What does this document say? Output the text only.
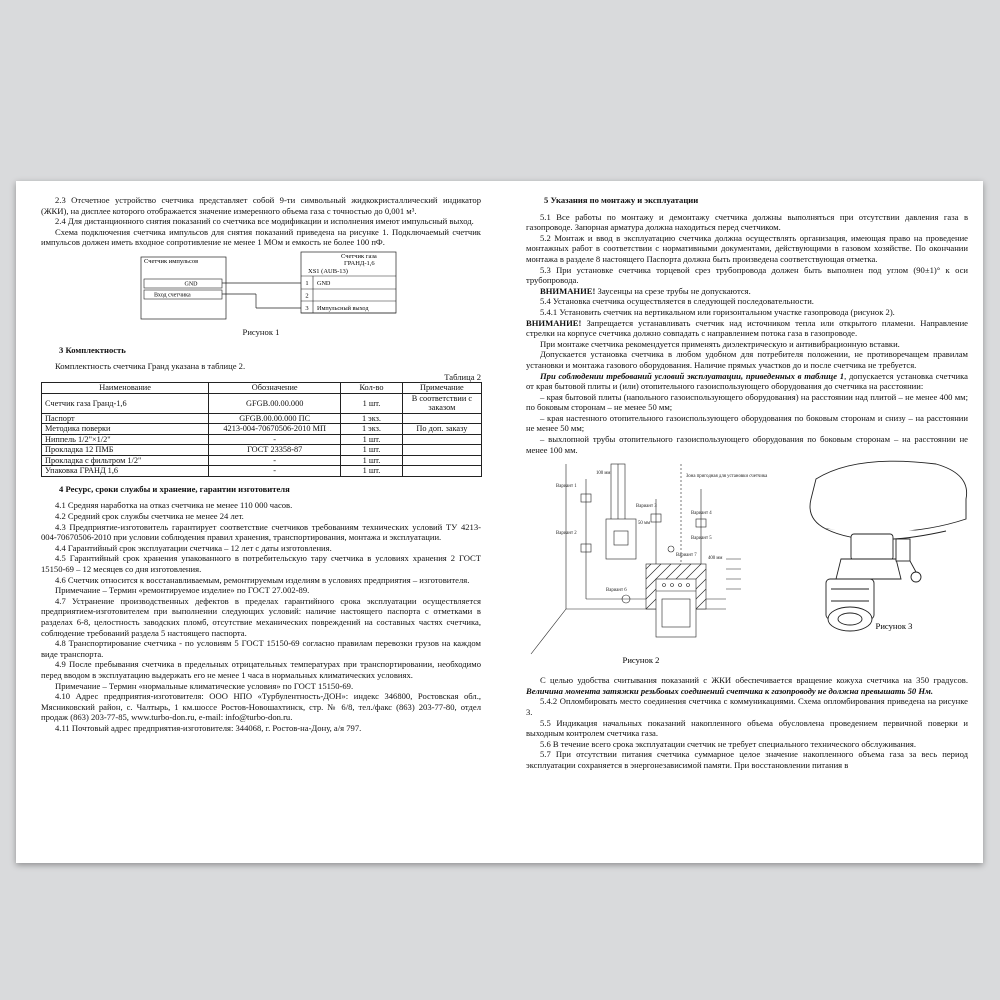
2.3 Отсчетное устройство счетчика представляет собой 9-ти символьный жидкокристаллический индикатор (ЖКИ), на дисплее которого отображается значение измеренного объема газа с точностью до 0,001 м³.

2.4 Для дистанционного снятия показаний со счетчика все модификации и исполнения имеют импульсный выход.

Схема подключения счетчика импульсов для снятия показаний приведена на рисунке 1. Подключаемый счетчик импульсов должен иметь входное сопротивление не менее 1 МОм и емкость не более 100 пФ.

Счетчик импульсов
GND
Вход счетчика
Счетчик газа
ГРАНД-1,6
XS1 (AUB-13)
1
2
3
GND
Импульсный выход

Рисунок 1

3 Комплектность

Комплектность счетчика Гранд указана в таблице 2.

Таблица 2

Наименование	Обозначение	Кол-во	Примечание
Счетчик газа Гранд-1,6	GFGB.00.00.000	1 шт.	В соответствии с заказом
Паспорт	GFGB.00.00.000 ПС	1 экз.	
Методика поверки	4213-004-70670506-2010 МП	1 экз.	По доп. заказу
Ниппель 1/2"×1/2"	-	1 шт.	
Прокладка 12 ПМБ	ГОСТ 23358-87	1 шт.	
Прокладка с фильтром 1/2"	-	1 шт.	
Упаковка ГРАНД 1,6	-	1 шт.	

4 Ресурс, сроки службы и хранение, гарантии изготовителя

4.1 Средняя наработка на отказ счетчика не менее 110 000 часов.

4.2 Средний срок службы счетчика не менее 24 лет.

4.3 Предприятие-изготовитель гарантирует соответствие счетчиков требованиям технических условий ТУ 4213-004-70670506-2010 при условии соблюдения правил хранения, транспортирования, монтажа и эксплуатации.

4.4 Гарантийный срок эксплуатации счетчика – 12 лет с даты изготовления.

4.5 Гарантийный срок хранения упакованного в потребительскую тару счетчика в условиях хранения 2 ГОСТ 15150-69 – 12 месяцев со дня изготовления.

4.6 Счетчик относится к восстанавливаемым, ремонтируемым изделиям в условиях предприятия – изготовителя.

Примечание – Термин «ремонтируемое изделие» по ГОСТ 27.002-89.

4.7 Устранение производственных дефектов в пределах гарантийного срока эксплуатации осуществляется предприятием-изготовителем при выполнении следующих условий: наличие настоящего паспорта с отметками в разделах 6-8, целостность заводских пломб, отсутствие механических повреждений на составных частях счетчика, соблюдение требований раздела 5 настоящего паспорта.

4.8 Транспортирование счетчика - по условиям 5 ГОСТ 15150-69 согласно правилам перевозки грузов на каждом виде транспорта.

4.9 После пребывания счетчика в предельных отрицательных температурах при транспортировании, необходимо перед вводом в эксплуатацию выдержать его не менее 1 часа в нормальных климатических условиях.

Примечание – Термин «нормальные климатические условия» по ГОСТ 15150-69.

4.10 Адрес предприятия-изготовителя: ООО НПО «Турбулентность-ДОН»: индекс 346800, Ростовская обл., Мясниковский район, с. Чалтырь, 1 км.шоссе Ростов-Новошахтинск, стр. № 6/8, тел./факс (863) 203-77-80, отдел продаж (863) 203-77-85, www.turbo-don.ru, e-mail: info@turbo-don.ru.

4.11 Почтовый адрес предприятия-изготовителя: 344068, г. Ростов-на-Дону, а/я 797.

5 Указания по монтажу и эксплуатации

5.1 Все работы по монтажу и демонтажу счетчика должны выполняться при отсутствии давления газа в газопроводе. Запорная арматура должна находиться перед счетчиком.

5.2 Монтаж и ввод в эксплуатацию счетчика должна осуществлять организация, имеющая право на проведение монтажных работ в соответствии с нормативными документами, действующими в газовом хозяйстве. По окончании монтажа в разделе 8 настоящего Паспорта должна быть произведена соответствующая отметка.

5.3 При установке счетчика торцевой срез трубопровода должен быть выполнен под углом (90±1)° к оси трубопровода.

ВНИМАНИЕ! Заусенцы на срезе трубы не допускаются.

5.4 Установка счетчика осуществляется в следующей последовательности.

5.4.1 Установить счетчик на вертикальном или горизонтальном участке газопровода (рисунок 2).

ВНИМАНИЕ! Запрещается устанавливать счетчик над источником тепла или открытого пламени. Направление стрелки на корпусе счетчика должно совпадать с направлением потока газа в газопроводе.

При монтаже счетчика рекомендуется применять диэлектрическую и антивибрационную вставки.

Допускается установка счетчика в любом удобном для потребителя положении, не противоречащем правилам установки и монтажа газового оборудования. Наличие прямых участков до и после счетчика не требуется.

При соблюдении требований условий эксплуатации, приведенных в таблице 1, допускается установка счетчика от края бытовой плиты и (или) отопительного газоиспользующего оборудования до счетчика на расстоянии:

– края бытовой плиты (напольного газоиспользующего оборудования) на расстоянии над плитой – не менее 400 мм; по боковым сторонам – не менее 50 мм;

– края настенного отопительного газоиспользующего оборудования по боковым сторонам и снизу – на расстоянии не менее 50 мм;

– выхлопной трубы отопительного газоиспользующего оборудования по боковым сторонам – на расстоянии не менее 100 мм.

Вариант 1
Вариант 2
Вариант 3
Вариант 4
Вариант 5
Вариант 6
Вариант 7
100 мм
50 мм
400 мм
Зона пригодная для установки счетчика
Рисунок 2
Рисунок 3

С целью удобства считывания показаний с ЖКИ обеспечивается вращение кожуха счетчика на 350 градусов. Величина момента затяжки резьбовых соединений счетчика к газопроводу не должна превышать 50 Нм.

5.4.2 Опломбировать место соединения счетчика с коммуникациями. Схема опломбирования приведена на рисунке 3.

5.5 Индикация начальных показаний накопленного объема обусловлена проведением первичной поверки и выходным контролем счетчика газа.

5.6 В течение всего срока эксплуатации счетчик не требует специального технического обслуживания.

5.7 При отсутствии питания счетчика суммарное целое значение накопленного объема газа за весь период эксплуатации сохраняется в энергонезависимой памяти. При восстановлении питания в
